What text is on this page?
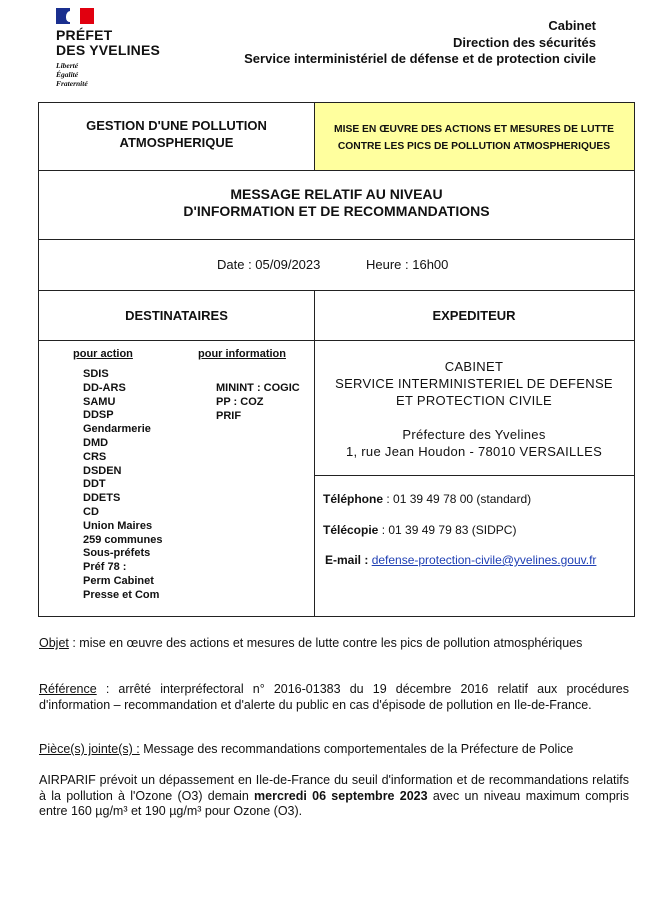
PRÉFET
DES YVELINES
Liberté
Égalité
Fraternité
Cabinet
Direction des sécurités
Service interministériel de défense et de protection civile
GESTION D'UNE POLLUTION ATMOSPHERIQUE
MISE EN ŒUVRE DES ACTIONS ET MESURES DE LUTTE CONTRE LES PICS DE POLLUTION ATMOSPHERIQUES
MESSAGE RELATIF AU NIVEAU
D'INFORMATION ET DE RECOMMANDATIONS
Date : 05/09/2023	Heure : 16h00
DESTINATAIRES	EXPEDITEUR
pour action	pour information
SDIS
DD-ARS
SAMU
DDSP
Gendarmerie
DMD
CRS
DSDEN
DDT
DDETS
CD
Union Maires
259 communes
Sous-préfets
Préf 78 :
Perm Cabinet
Presse et Com
MININT : COGIC
PP : COZ
PRIF
CABINET
SERVICE INTERMINISTERIEL DE DEFENSE
ET PROTECTION CIVILE
Préfecture des Yvelines
1, rue Jean Houdon - 78010 VERSAILLES
Téléphone : 01 39 49 78 00 (standard)
Télécopie : 01 39 49 79 83 (SIDPC)
E-mail : defense-protection-civile@yvelines.gouv.fr
Objet : mise en œuvre des actions et mesures de lutte contre les pics de pollution atmosphériques
Référence : arrêté interpréfectoral n° 2016-01383 du 19 décembre 2016 relatif aux procédures d'information – recommandation et d'alerte du public en cas d'épisode de pollution en Ile-de-France.
Pièce(s) jointe(s) : Message des recommandations comportementales de la Préfecture de Police
AIRPARIF prévoit un dépassement en Ile-de-France du seuil d'information et de recommandations relatifs à la pollution à l'Ozone (O3) demain mercredi 06 septembre 2023 avec un niveau maximum compris entre 160 µg/m³ et 190 µg/m³ pour Ozone (O3).
